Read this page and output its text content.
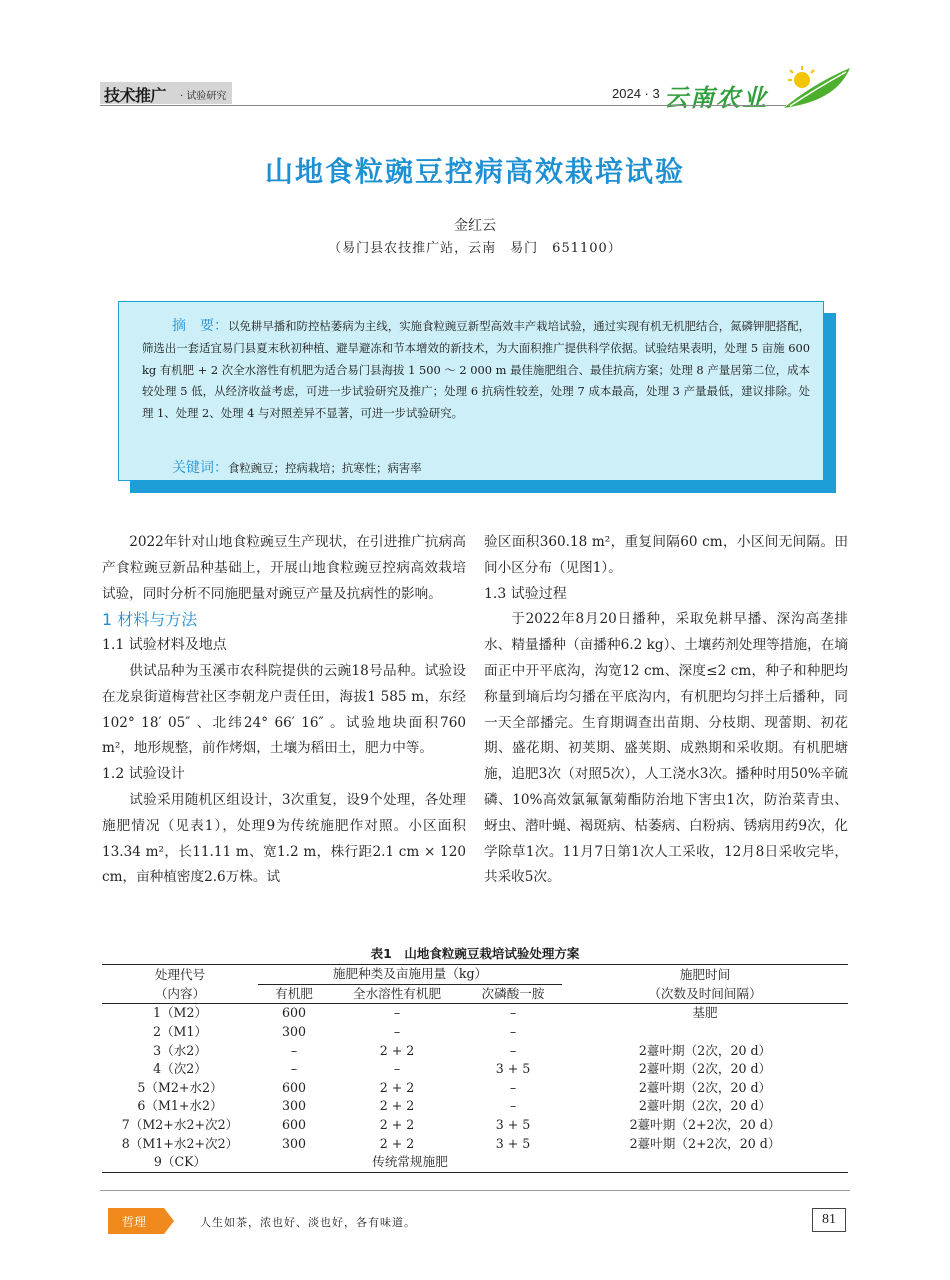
技术推广 · 试验研究	2024 · 3 云南农业
山地食粒豌豆控病高效栽培试验
金红云
（易门县农技推广站，云南　易门　651100）
摘　要：以免耕早播和防控枯萎病为主线，实施食粒豌豆新型高效丰产栽培试验，通过实现有机无机肥结合，氮磷钾肥搭配，筛选出一套适宜易门县夏末秋初种植、避旱避冻和节本增效的新技术，为大面积推广提供科学依据。试验结果表明，处理 5 亩施 600 kg 有机肥 + 2 次全水溶性有机肥为适合易门县海拔 1 500 ～ 2 000 m 最佳施肥组合、最佳抗病方案；处理 8 产量居第二位，成本较处理 5 低，从经济收益考虑，可进一步试验研究及推广；处理 6 抗病性较差，处理 7 成本最高，处理 3 产量最低，建议排除。处理 1、处理 2、处理 4 与对照差异不显著，可进一步试验研究。
关键词：食粒豌豆；控病栽培；抗寒性；病害率

2022年针对山地食粒豌豆生产现状，在引进推广抗病高产食粒豌豆新品种基础上，开展山地食粒豌豆控病高效栽培试验，同时分析不同施肥量对豌豆产量及抗病性的影响。

1 材料与方法
1.1 试验材料及地点

供试品种为玉溪市农科院提供的云豌18号品种。试验设在龙泉街道梅营社区李朝龙户责任田，海拔1 585 m，东经102° 18′ 05″ 、北纬24° 66′ 16″ 。试验地块面积760 m²，地形规整，前作烤烟，土壤为稻田土，肥力中等。

1.2 试验设计

试验采用随机区组设计，3次重复，设9个处理，各处理施肥情况（见表1），处理9为传统施肥作对照。小区面积13.34 m²，长11.11 m、宽1.2 m，株行距2.1 cm × 120 cm，亩种植密度2.6万株。试

验区面积360.18 m²，重复间隔60 cm，小区间无间隔。田间小区分布（见图1）。

1.3 试验过程

于2022年8月20日播种，采取免耕早播、深沟高垄排水、精量播种（亩播种6.2 kg）、土壤药剂处理等措施，在墒面正中开平底沟，沟宽12 cm、深度≤2 cm，种子和种肥均称量到墒后均匀播在平底沟内，有机肥均匀拌土后播种，同一天全部播完。生育期调查出苗期、分枝期、现蕾期、初花期、盛花期、初荚期、盛荚期、成熟期和采收期。有机肥塘施，追肥3次（对照5次），人工浇水3次。播种时用50%辛硫磷、10%高效氯氟氰菊酯防治地下害虫1次，防治菜青虫、蚜虫、潜叶蝇、褐斑病、枯萎病、白粉病、锈病用药9次，化学除草1次。11月7日第1次人工采收，12月8日采收完毕，共采收5次。

表1　山地食粒豌豆栽培试验处理方案
处理代号	施肥种类及亩施用量（kg）			施肥时间
（内容）	有机肥	全水溶性有机肥	次磷酸一胺	（次数及时间间隔）
1（M2）	600	–	–	基肥
2（M1）	300	–	–	
3（水2）	–	2 + 2	–	2薹叶期（2次，20 d）
4（次2）	–	–	3 + 5	2薹叶期（2次，20 d）
5（M2+水2）	600	2 + 2	–	2薹叶期（2次，20 d）
6（M1+水2）	300	2 + 2	–	2薹叶期（2次，20 d）
7（M2+水2+次2）	600	2 + 2	3 + 5	2薹叶期（2+2次，20 d）
8（M1+水2+次2）	300	2 + 2	3 + 5	2薹叶期（2+2次，20 d）
9（CK）	传统常规施肥			
哲理	人生如茶，浓也好、淡也好，各有味道。	81
